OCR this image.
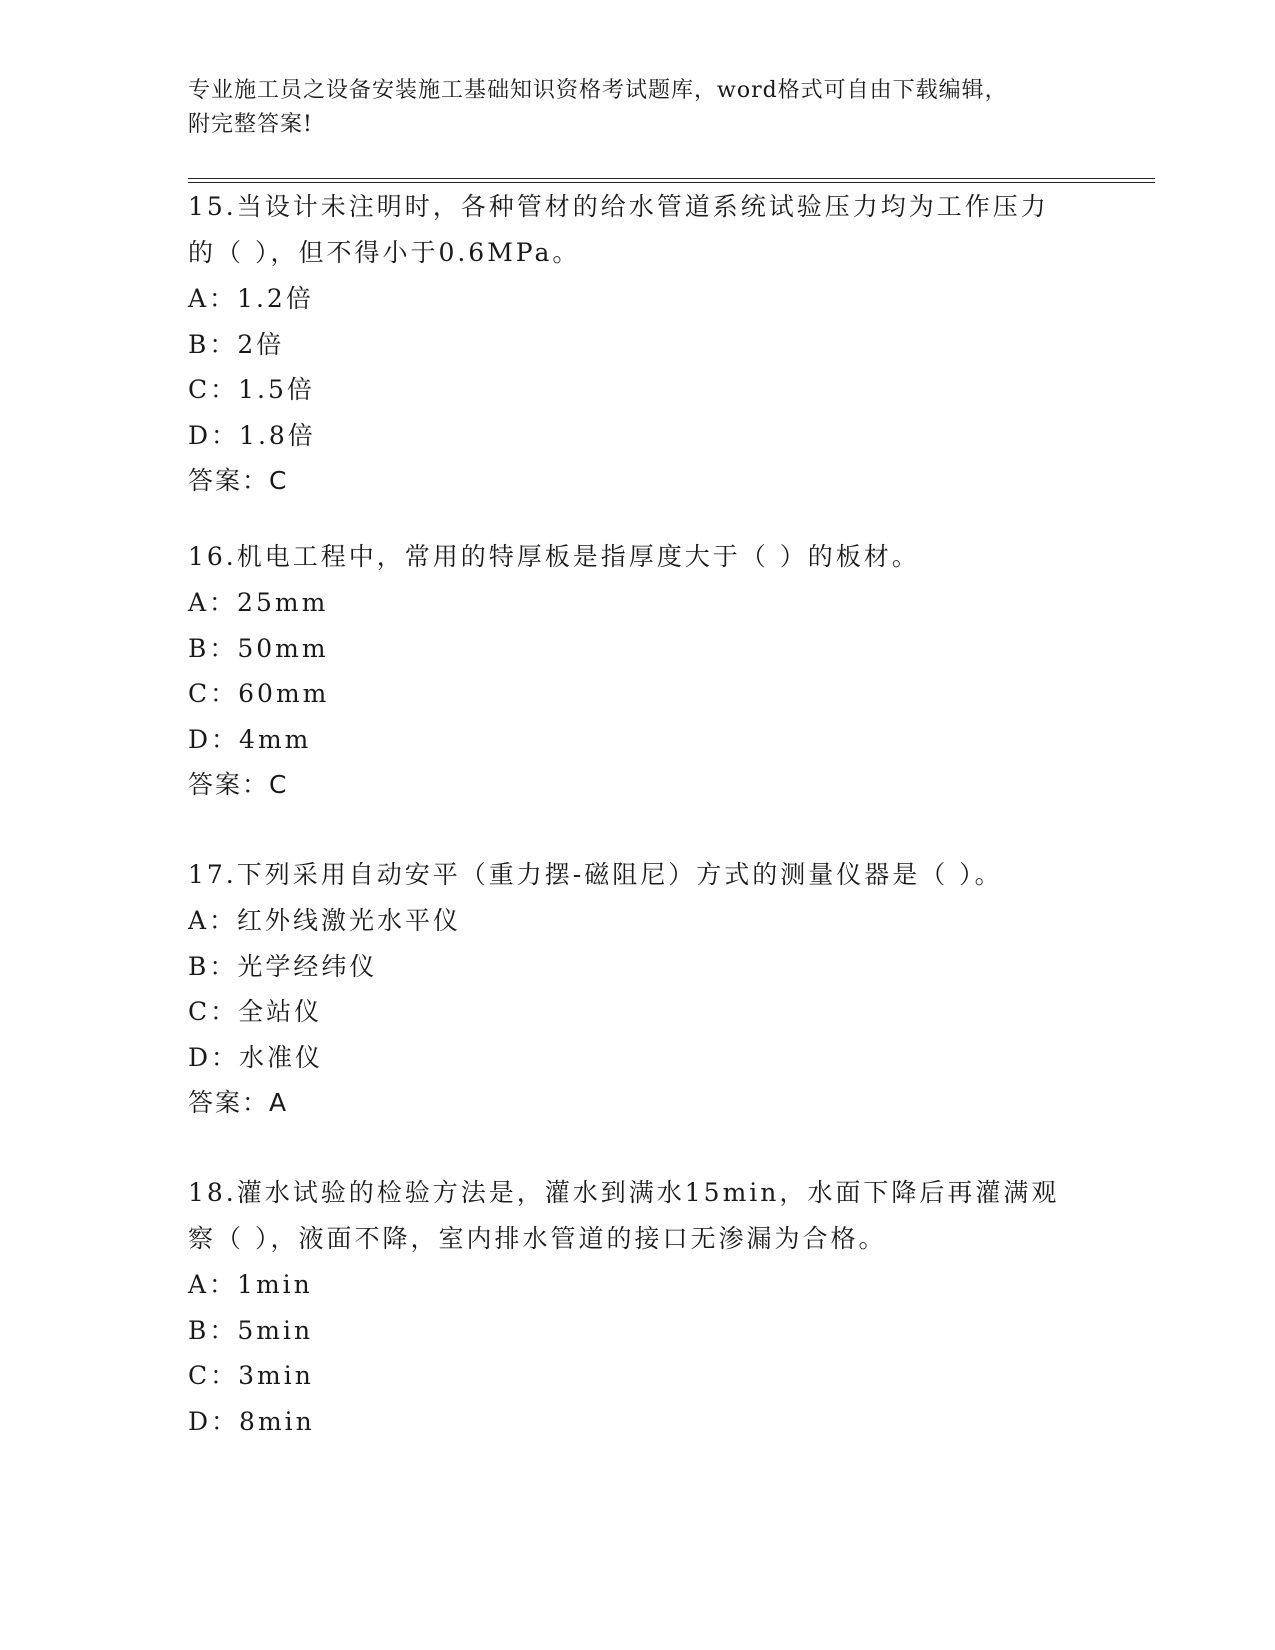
专业施工员之设备安装施工基础知识资格考试题库，word格式可自由下载编辑，
附完整答案!
15.当设计未注明时，各种管材的给水管道系统试验压力均为工作压力
的（ ），但不得小于0.6MPa。
A：1.2倍
B：2倍
C：1.5倍
D：1.8倍
答案：C
16.机电工程中，常用的特厚板是指厚度大于（ ）的板材。
A：25mm
B：50mm
C：60mm
D：4mm
答案：C
17.下列采用自动安平（重力摆-磁阻尼）方式的测量仪器是（ ）。
A：红外线激光水平仪
B：光学经纬仪
C：全站仪
D：水准仪
答案：A
18.灌水试验的检验方法是，灌水到满水15min，水面下降后再灌满观
察（ ），液面不降，室内排水管道的接口无渗漏为合格。
A：1min
B：5min
C：3min
D：8min
